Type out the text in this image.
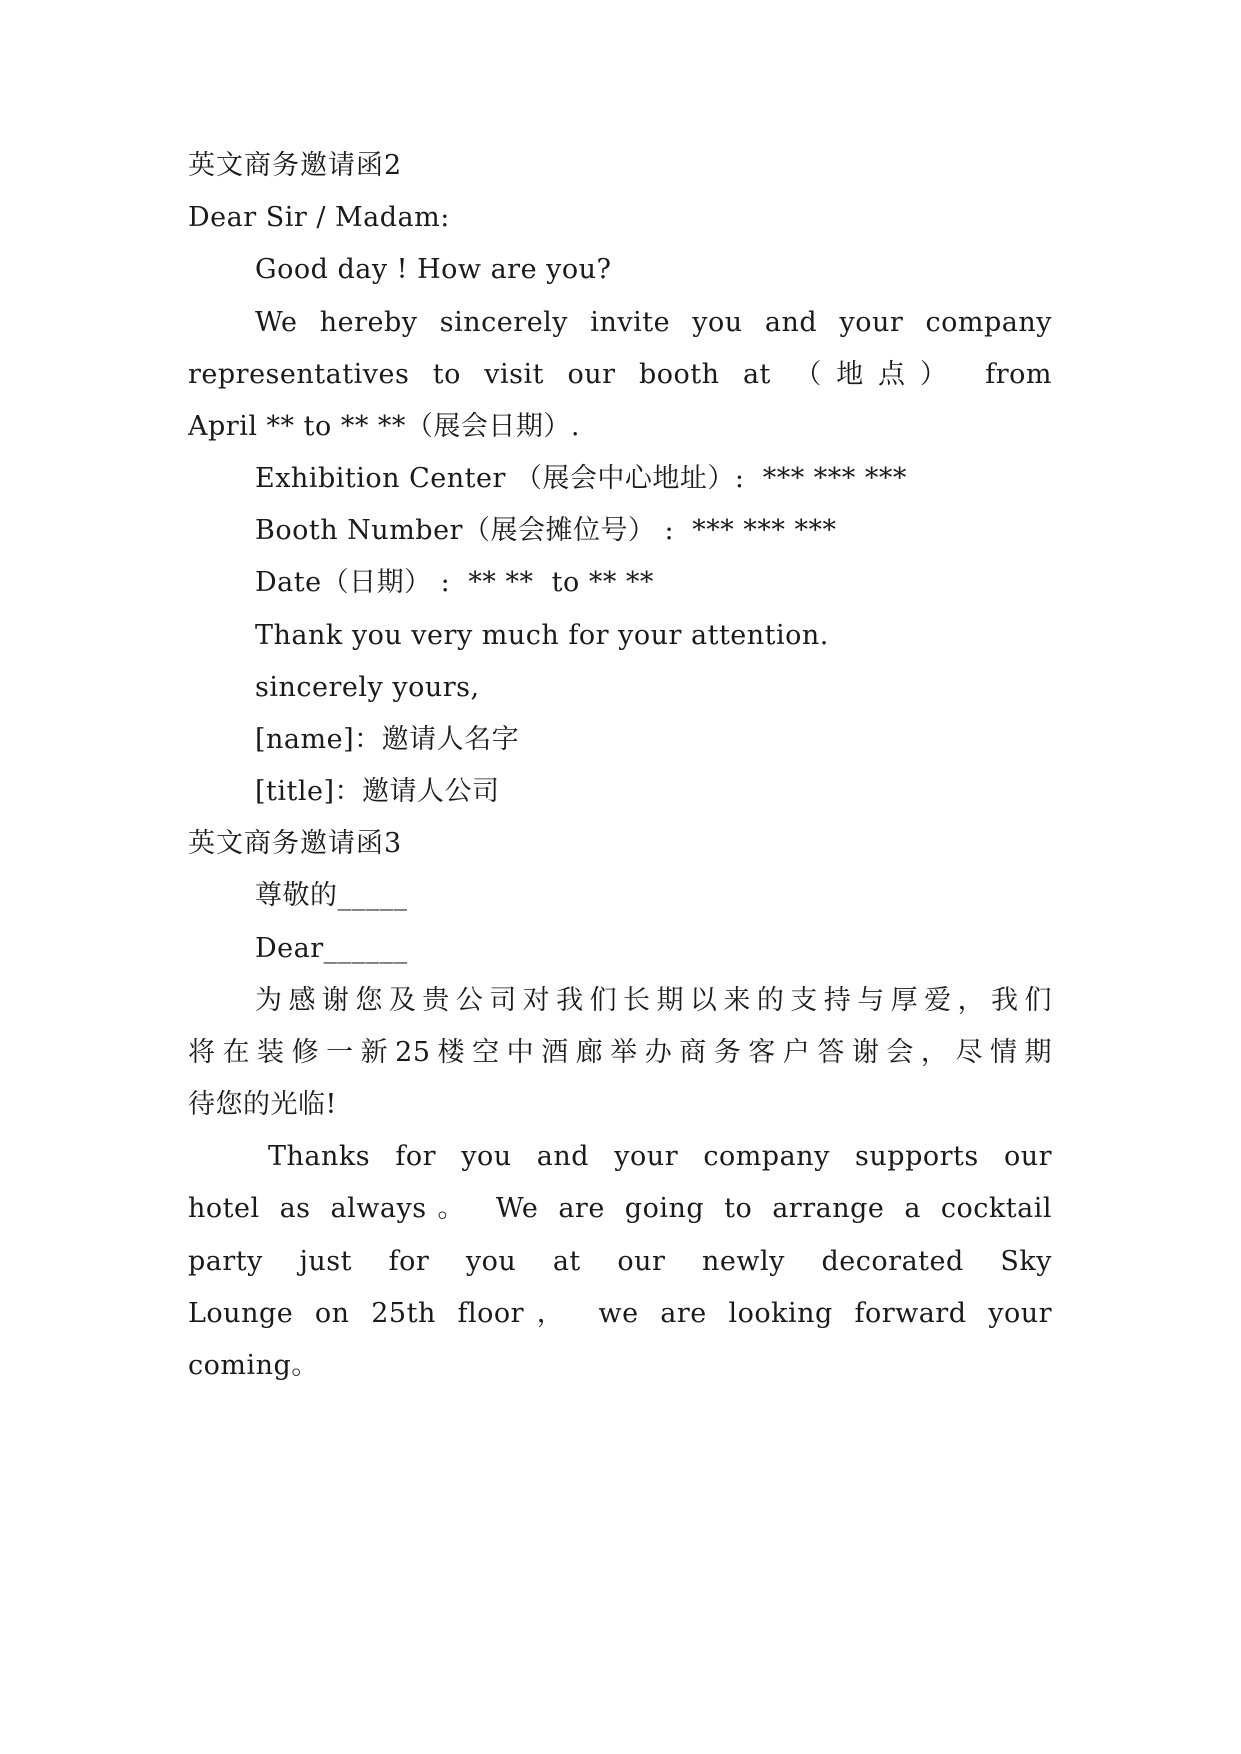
英文商务邀请函2
Dear Sir / Madam:
Good day ! How are you?
We hereby sincerely invite you and your company
representatives to visit our booth at （地点） from
April ** to ** **（展会日期）.
Exhibition Center （展会中心地址）:  *** *** ***
Booth Number（展会摊位号） :  *** *** ***
Date（日期） :  ** **  to ** **
Thank you very much for your attention.
sincerely yours,
[name]：邀请人名字
[title]：邀请人公司
英文商务邀请函3
尊敬的_____
Dear______
为感谢您及贵公司对我们长期以来的支持与厚爱，我们
将在装修一新25楼空中酒廊举办商务客户答谢会，尽情期
待您的光临!
Thanks for you and your company supports our
hotel as always。 We are going to arrange a cocktail
party just for you at our newly decorated Sky
Lounge on 25th floor， we are looking forward your
coming。
